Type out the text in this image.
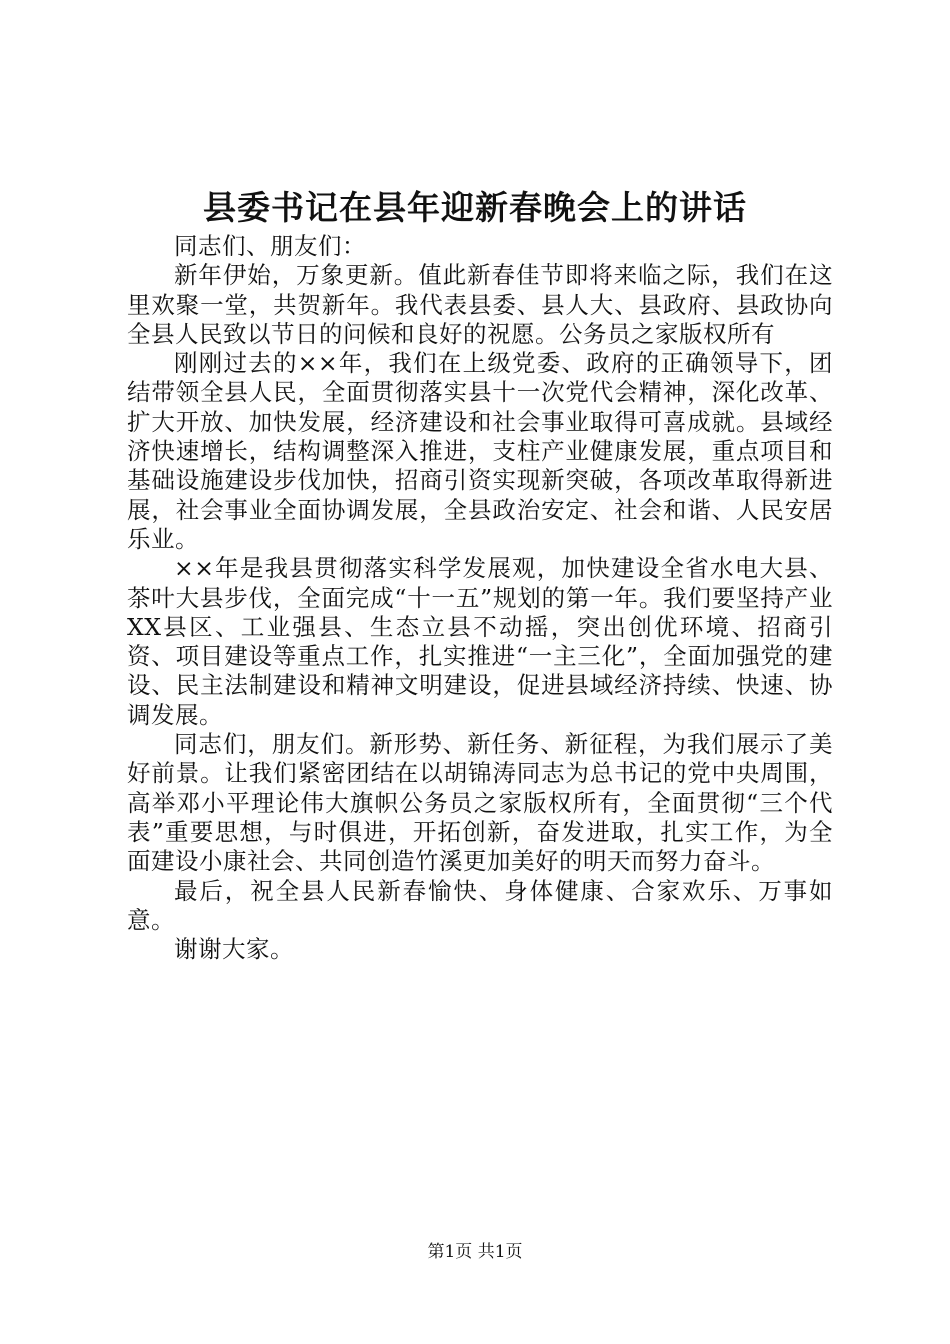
县委书记在县年迎新春晚会上的讲话

同志们、朋友们：

新年伊始，万象更新。值此新春佳节即将来临之际，我们在这里欢聚一堂，共贺新年。我代表县委、县人大、县政府、县政协向全县人民致以节日的问候和良好的祝愿。公务员之家版权所有

刚刚过去的××年，我们在上级党委、政府的正确领导下，团结带领全县人民，全面贯彻落实县十一次党代会精神，深化改革、扩大开放、加快发展，经济建设和社会事业取得可喜成就。县域经济快速增长，结构调整深入推进，支柱产业健康发展，重点项目和基础设施建设步伐加快，招商引资实现新突破，各项改革取得新进展，社会事业全面协调发展，全县政治安定、社会和谐、人民安居乐业。

××年是我县贯彻落实科学发展观，加快建设全省水电大县、茶叶大县步伐，全面完成“十一五”规划的第一年。我们要坚持产业XX县区、工业强县、生态立县不动摇，突出创优环境、招商引资、项目建设等重点工作，扎实推进“一主三化”，全面加强党的建设、民主法制建设和精神文明建设，促进县域经济持续、快速、协调发展。

同志们，朋友们。新形势、新任务、新征程，为我们展示了美好前景。让我们紧密团结在以胡锦涛同志为总书记的党中央周围，高举邓小平理论伟大旗帜公务员之家版权所有，全面贯彻“三个代表”重要思想，与时俱进，开拓创新，奋发进取，扎实工作，为全面建设小康社会、共同创造竹溪更加美好的明天而努力奋斗。

最后，祝全县人民新春愉快、身体健康、合家欢乐、万事如意。

谢谢大家。

第1页 共1页
